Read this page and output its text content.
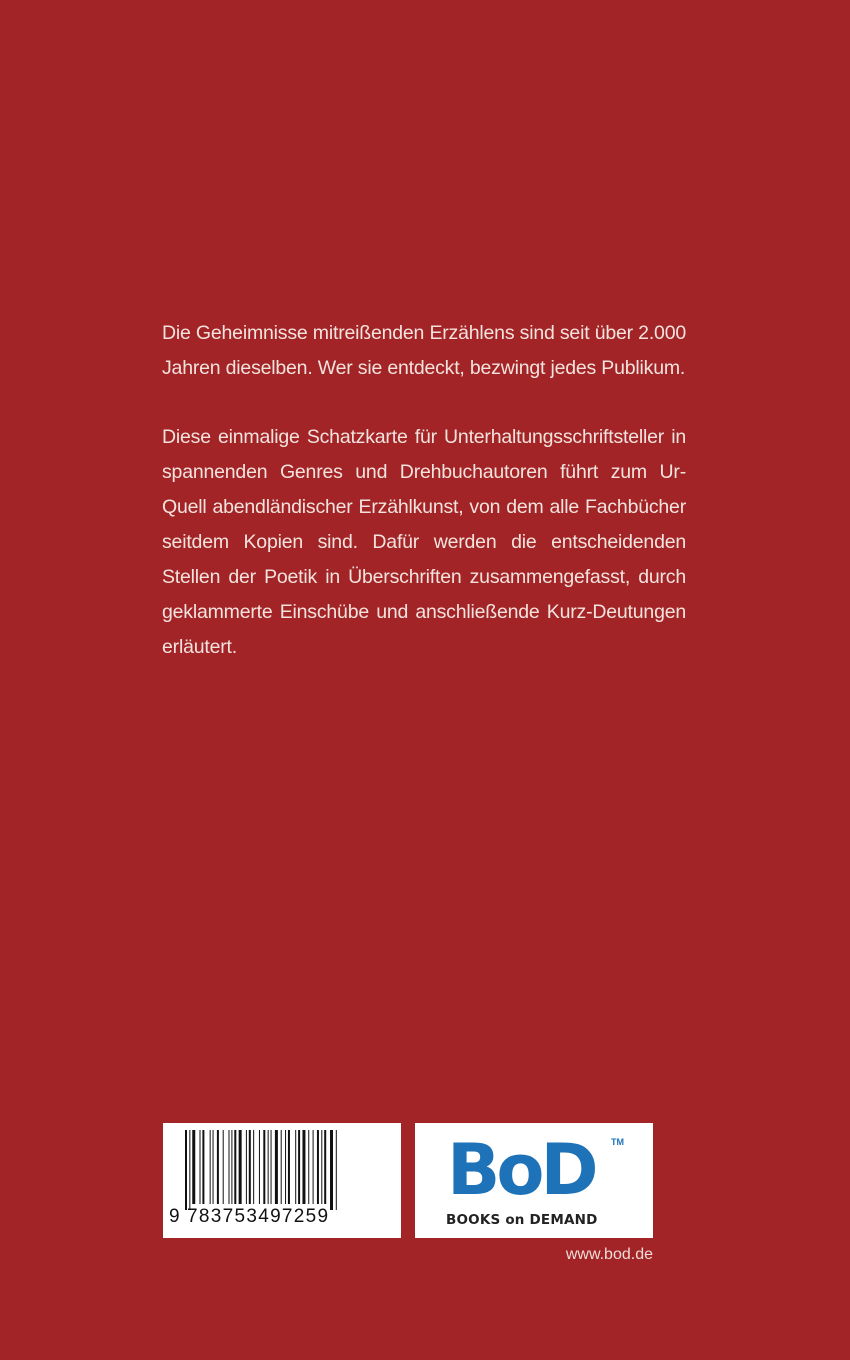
Die Geheimnisse mitreißenden Erzählens sind seit über 2.000 Jahren dieselben. Wer sie entdeckt, bezwingt jedes Publikum.

Diese einmalige Schatzkarte für Unterhaltungsschriftsteller in spannenden Genres und Drehbuchautoren führt zum Ur-Quell abendländischer Erzählkunst, von dem alle Fachbücher seitdem Kopien sind. Dafür werden die entscheidenden Stellen der Poetik in Überschriften zusammengefasst, durch geklammerte Einschübe und anschließende Kurz-Deutungen erläutert.

9 783753497259
BoD TM
BOOKS on DEMAND
www.bod.de
